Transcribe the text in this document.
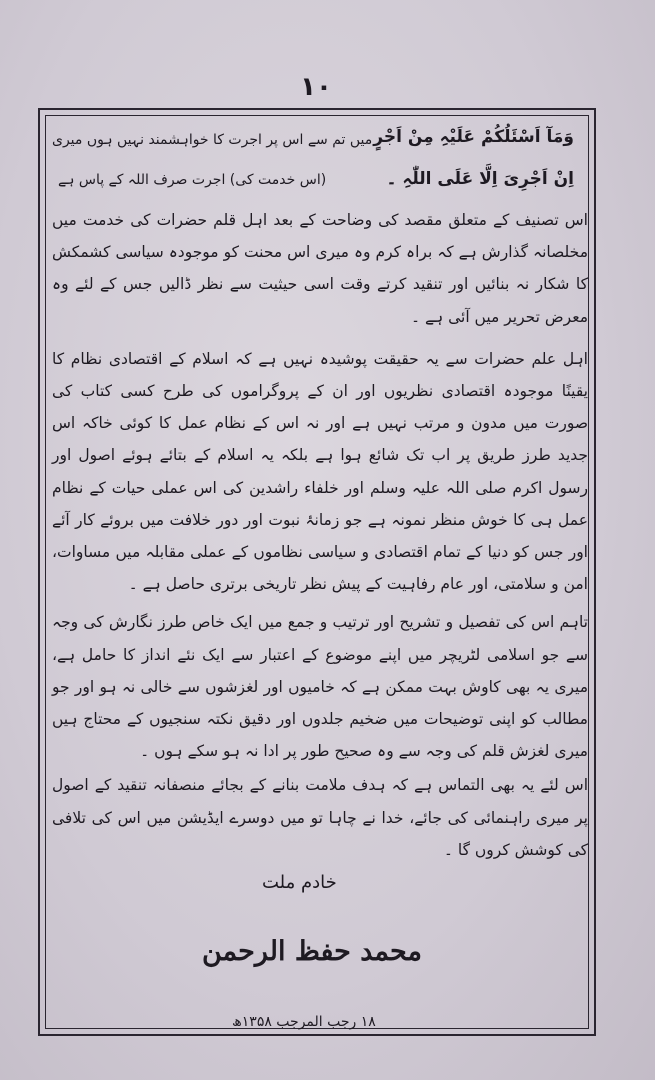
۱۰
وَمَآ اَسْئَلُکُمْ عَلَیْہِ مِنْ اَجْرٍ
میں تم سے اس پر اجرت کا خواہشمند نہیں ہوں میری
اِنْ اَجْرِیَ اِلَّا عَلَی اللّٰہِ ۔
(اس خدمت کی) اجرت صرف اللہ کے پاس ہے

اس تصنیف کے متعلق مقصد کی وضاحت کے بعد اہل قلم حضرات کی خدمت میں مخلصانہ گذارش ہے کہ براہ کرم وہ میری اس محنت کو موجودہ سیاسی کشمکش کا شکار نہ بنائیں اور تنقید کرتے وقت اسی حیثیت سے نظر ڈالیں جس کے لئے وہ معرض تحریر میں آئی ہے ۔

اہل علم حضرات سے یہ حقیقت پوشیدہ نہیں ہے کہ اسلام کے اقتصادی نظام کا یقینًا موجودہ اقتصادی نظریوں اور ان کے پروگراموں کی طرح کسی کتاب کی صورت میں مدون و مرتب نہیں ہے اور نہ اس کے نظام عمل کا کوئی خاکہ اس جدید طرز طریق پر اب تک شائع ہوا ہے بلکہ یہ اسلام کے بتائے ہوئے اصول اور رسول اکرم صلی اللہ علیہ وسلم اور خلفاء راشدین کی اس عملی حیات کے نظام عمل ہی کا خوش منظر نمونہ ہے جو زمانۂ نبوت اور دور خلافت میں بروئے کار آئے اور جس کو دنیا کے تمام اقتصادی و سیاسی نظاموں کے عملی مقابلہ میں مساوات، امن و سلامتی، اور عام رفاہیت کے پیش نظر تاریخی برتری حاصل ہے ۔

تاہم اس کی تفصیل و تشریح اور ترتیب و جمع میں ایک خاص طرز نگارش کی وجہ سے جو اسلامی لٹریچر میں اپنے موضوع کے اعتبار سے ایک نئے انداز کا حامل ہے، میری یہ بھی کاوش بہت ممکن ہے کہ خامیوں اور لغزشوں سے خالی نہ ہو اور جو مطالب کو اپنی توضیحات میں ضخیم جلدوں اور دقیق نکتہ سنجیوں کے محتاج ہیں میری لغزش قلم کی وجہ سے وہ صحیح طور پر ادا نہ ہو سکے ہوں ۔

اس لئے یہ بھی التماس ہے کہ ہدف ملامت بنانے کے بجائے منصفانہ تنقید کے اصول پر میری راہنمائی کی جائے، خدا نے چاہا تو میں دوسرے ایڈیشن میں اس کی تلافی کی کوشش کروں گا ۔

خادم ملت
محمد حفظ الرحمن
۱۸ رجب المرجب ۱۳۵۸ھ
